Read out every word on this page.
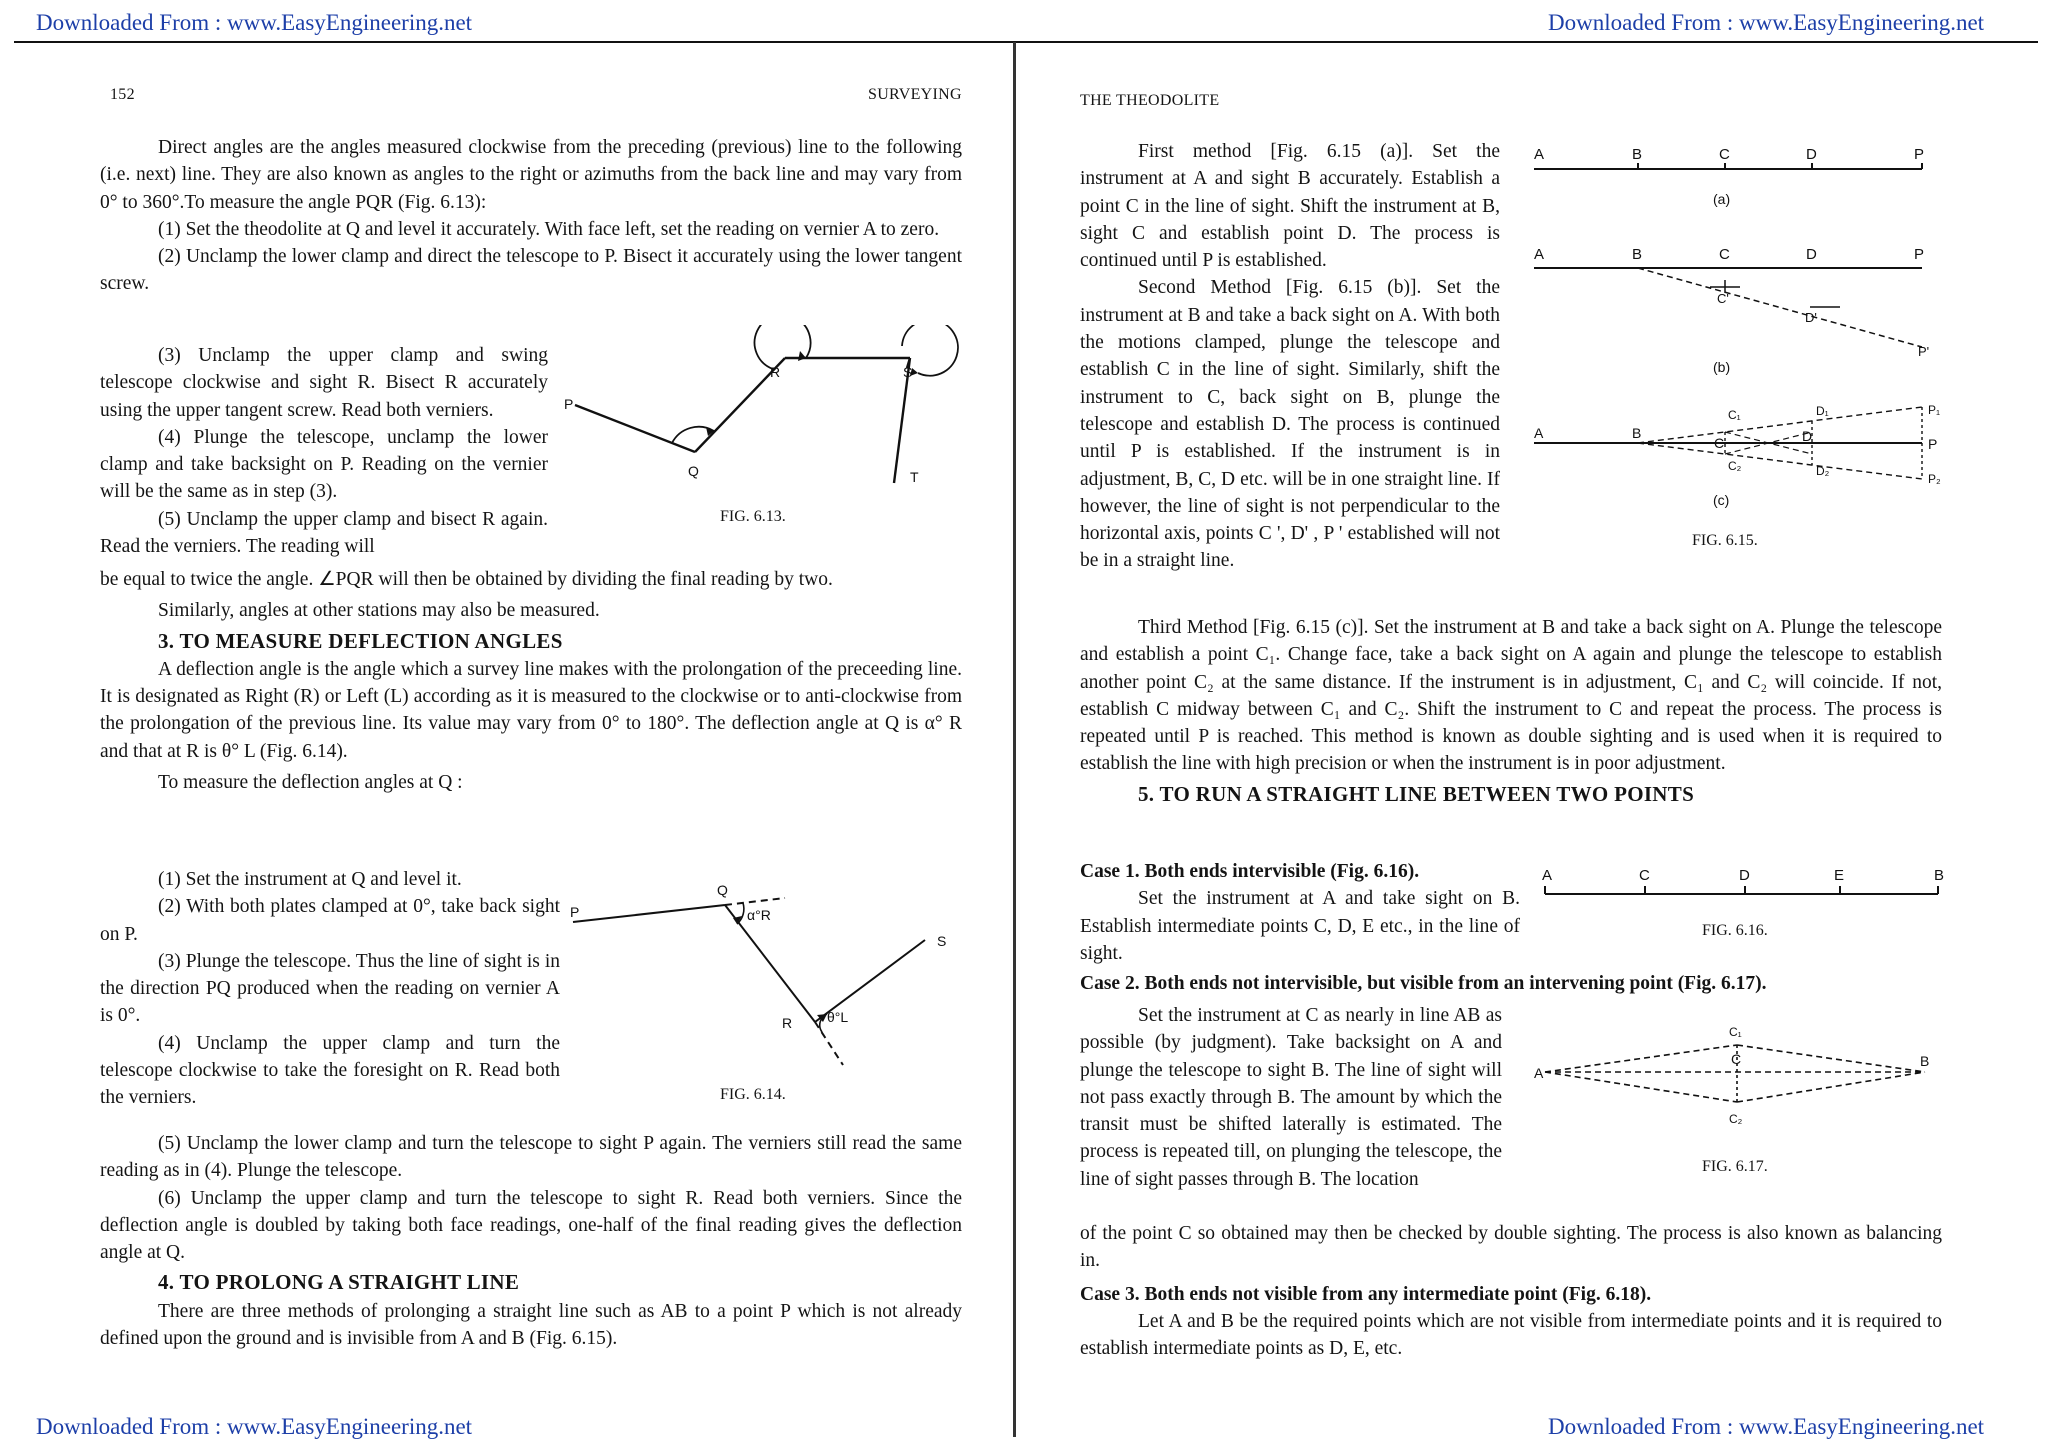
Downloaded From : www.EasyEngineering.net	Downloaded From : www.EasyEngineering.net
Downloaded From : www.EasyEngineering.net	Downloaded From : www.EasyEngineering.net
152	SURVEYING

Direct angles are the angles measured clockwise from the preceding (previous) line to the following (i.e. next) line. They are also known as angles to the right or azimuths from the back line and may vary from 0° to 360°.To measure the angle PQR (Fig. 6.13):

(1) Set the theodolite at Q and level it accurately. With face left, set the reading on vernier A to zero.

(2) Unclamp the lower clamp and direct the telescope to P. Bisect it accurately using the lower tangent screw.

(3) Unclamp the upper clamp and swing telescope clockwise and sight R. Bisect R accurately using the upper tangent screw. Read both verniers.

(4) Plunge the telescope, unclamp the lower clamp and take backsight on P. Reading on the vernier will be the same as in step (3).

(5) Unclamp the upper clamp and bisect R again. Read the verniers. The reading will

P
Q
R	S
T
FIG. 6.13.

be equal to twice the angle. ∠PQR will then be obtained by dividing the final reading by two.

Similarly, angles at other stations may also be measured.

3. TO MEASURE DEFLECTION ANGLES

A deflection angle is the angle which a survey line makes with the prolongation of the preceeding line. It is designated as Right (R) or Left (L) according as it is measured to the clockwise or to anti-clockwise from the prolongation of the previous line. Its value may vary from 0° to 180°. The deflection angle at Q is α° R and that at R is θ° L (Fig. 6.14).

To measure the deflection angles at Q :

(1) Set the instrument at Q and level it.

(2) With both plates clamped at 0°, take back sight on P.

(3) Plunge the telescope. Thus the line of sight is in the direction PQ produced when the reading on vernier A is 0°.

(4) Unclamp the upper clamp and turn the telescope clockwise to take the foresight on R. Read both the verniers.

P
Q
α°R
S
R θ°L
FIG. 6.14.

(5) Unclamp the lower clamp and turn the telescope to sight P again. The verniers still read the same reading as in (4). Plunge the telescope.

(6) Unclamp the upper clamp and turn the telescope to sight R. Read both verniers. Since the deflection angle is doubled by taking both face readings, one-half of the final reading gives the deflection angle at Q.

4. TO PROLONG A STRAIGHT LINE

There are three methods of prolonging a straight line such as AB to a point P which is not already defined upon the ground and is invisible from A and B (Fig. 6.15).

THE THEODOLITE

First method [Fig. 6.15 (a)]. Set the instrument at A and sight B accurately. Establish a point C in the line of sight. Shift the instrument at B, sight C and establish point D. The process is continued until P is established.

Second Method [Fig. 6.15 (b)]. Set the instrument at B and take a back sight on A. With both the motions clamped, plunge the telescope and establish C in the line of sight. Similarly, shift the instrument to C, back sight on B, plunge the telescope and establish D. The process is continued until P is established. If the instrument is in adjustment, B, C, D etc. will be in one straight line. If however, the line of sight is not perpendicular to the horizontal axis, points C ', D' , P ' established will not be in a straight line.

A	B	C	D	P
(a)
A	B	C	D	P
C'
D'
P'
(b)
A	B
C
C₁
C₂
D
D₁
D₂
P₁
P
P₂
(c)
FIG. 6.15.

Third Method [Fig. 6.15 (c)]. Set the instrument at B and take a back sight on A. Plunge the telescope and establish a point C₁. Change face, take a back sight on A again and plunge the telescope to establish another point C₂ at the same distance. If the instrument is in adjustment, C₁ and C₂ will coincide. If not, establish C midway between C₁ and C₂. Shift the instrument to C and repeat the process. The process is repeated until P is reached. This method is known as double sighting and is used when it is required to establish the line with high precision or when the instrument is in poor adjustment.

5. TO RUN A STRAIGHT LINE BETWEEN TWO POINTS

Case 1. Both ends intervisible (Fig. 6.16).

Set the instrument at A and take sight on B. Establish intermediate points C, D, E etc., in the line of sight.

A	C	D	E	B
FIG. 6.16.

Case 2. Both ends not intervisible, but visible from an intervening point (Fig. 6.17).

Set the instrument at C as nearly in line AB as possible (by judgment). Take backsight on A and plunge the telescope to sight B. The line of sight will not pass exactly through B. The amount by which the transit must be shifted laterally is estimated. The process is repeated till, on plunging the telescope, the line of sight passes through B. The location

A
B
C
C₁
C₂
FIG. 6.17.

of the point C so obtained may then be checked by double sighting. The process is also known as balancing in.

Case 3. Both ends not visible from any intermediate point (Fig. 6.18).

Let A and B be the required points which are not visible from intermediate points and it is required to establish intermediate points as D, E, etc.
